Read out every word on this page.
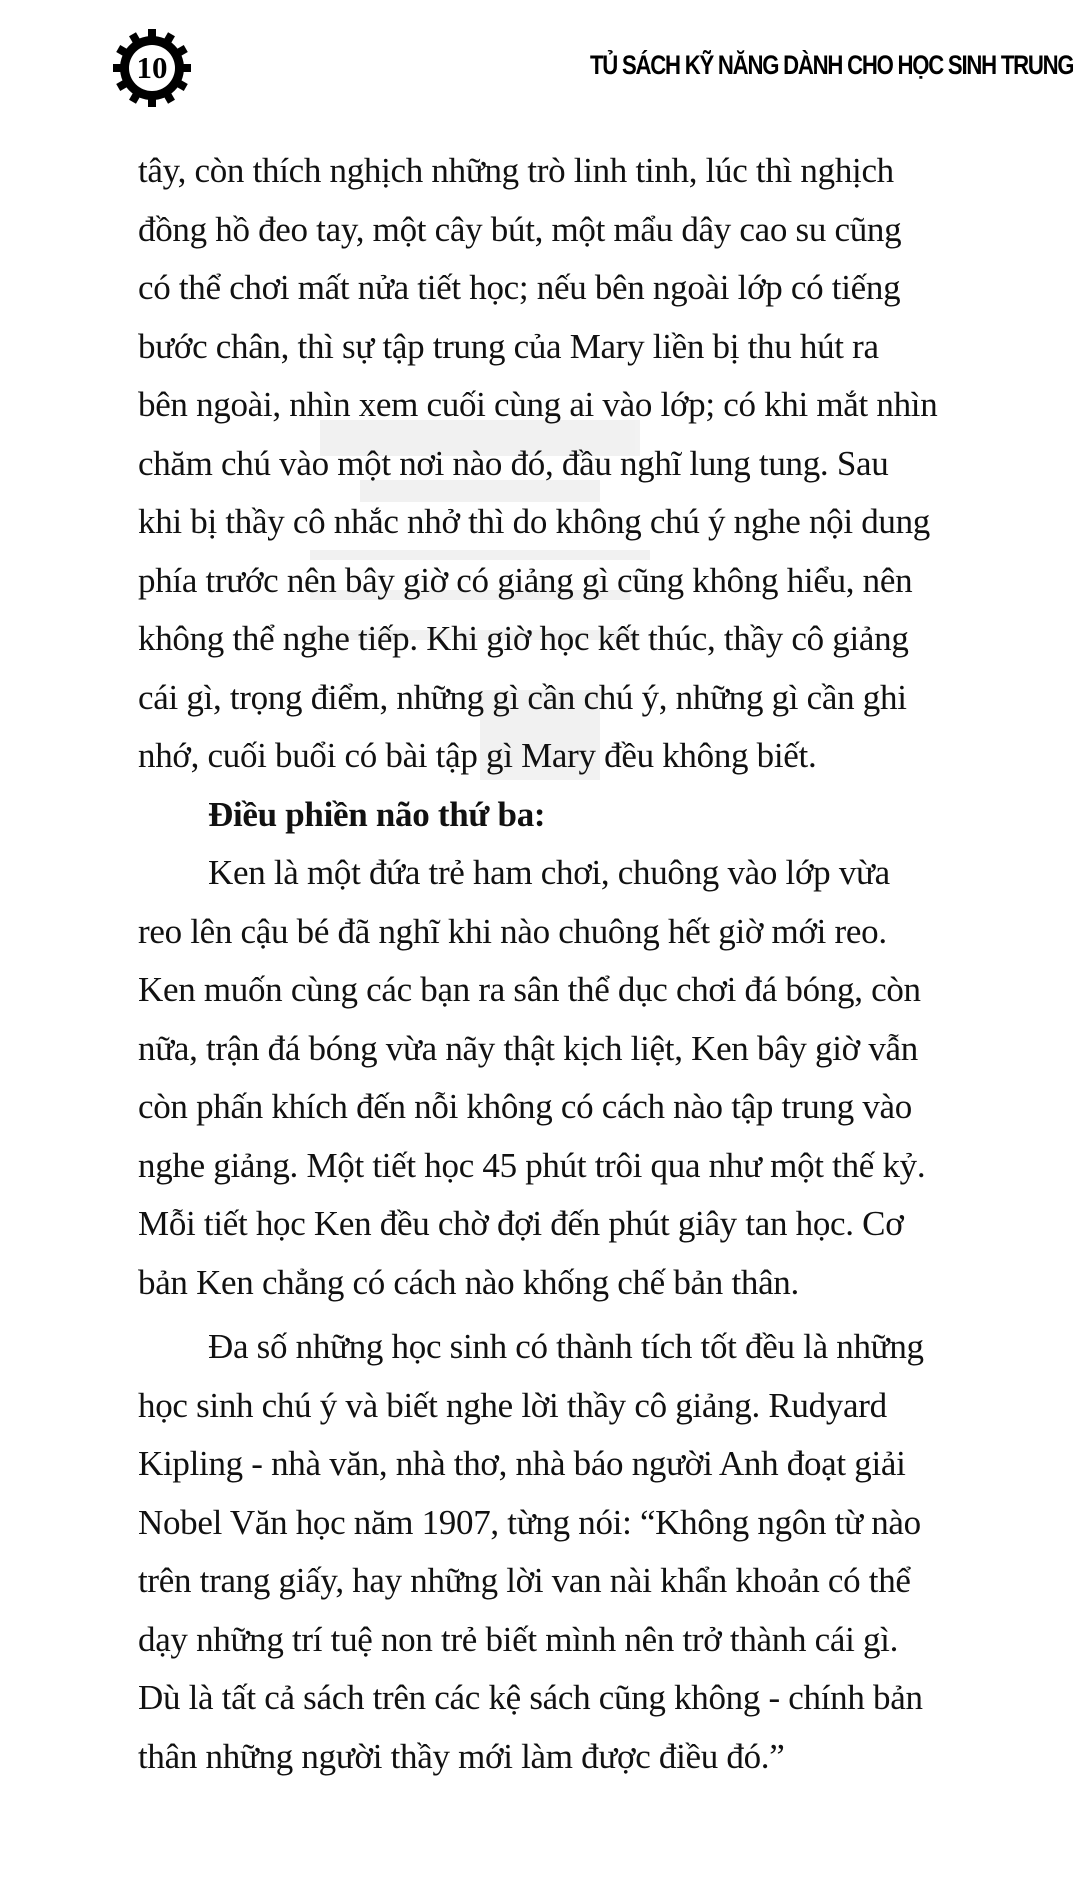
10	TỦ SÁCH KỸ NĂNG DÀNH CHO HỌC SINH TRUNG
tây, còn thích nghịch những trò linh tinh, lúc thì nghịch
đồng hồ đeo tay, một cây bút, một mẩu dây cao su cũng
có thể chơi mất nửa tiết học; nếu bên ngoài lớp có tiếng
bước chân, thì sự tập trung của Mary liền bị thu hút ra
bên ngoài, nhìn xem cuối cùng ai vào lớp; có khi mắt nhìn
chăm chú vào một nơi nào đó, đầu nghĩ lung tung. Sau
khi bị thầy cô nhắc nhở thì do không chú ý nghe nội dung
phía trước nên bây giờ có giảng gì cũng không hiểu, nên
không thể nghe tiếp. Khi giờ học kết thúc, thầy cô giảng
cái gì, trọng điểm, những gì cần chú ý, những gì cần ghi
nhớ, cuối buổi có bài tập gì Mary đều không biết.
Điều phiền não thứ ba:
Ken là một đứa trẻ ham chơi, chuông vào lớp vừa
reo lên cậu bé đã nghĩ khi nào chuông hết giờ mới reo.
Ken muốn cùng các bạn ra sân thể dục chơi đá bóng, còn
nữa, trận đá bóng vừa nãy thật kịch liệt, Ken bây giờ vẫn
còn phấn khích đến nỗi không có cách nào tập trung vào
nghe giảng. Một tiết học 45 phút trôi qua như một thế kỷ.
Mỗi tiết học Ken đều chờ đợi đến phút giây tan học. Cơ
bản Ken chẳng có cách nào khống chế bản thân.
Đa số những học sinh có thành tích tốt đều là những
học sinh chú ý và biết nghe lời thầy cô giảng. Rudyard
Kipling - nhà văn, nhà thơ, nhà báo người Anh đoạt giải
Nobel Văn học năm 1907, từng nói: “Không ngôn từ nào
trên trang giấy, hay những lời van nài khẩn khoản có thể
dạy những trí tuệ non trẻ biết mình nên trở thành cái gì.
Dù là tất cả sách trên các kệ sách cũng không - chính bản
thân những người thầy mới làm được điều đó.”
